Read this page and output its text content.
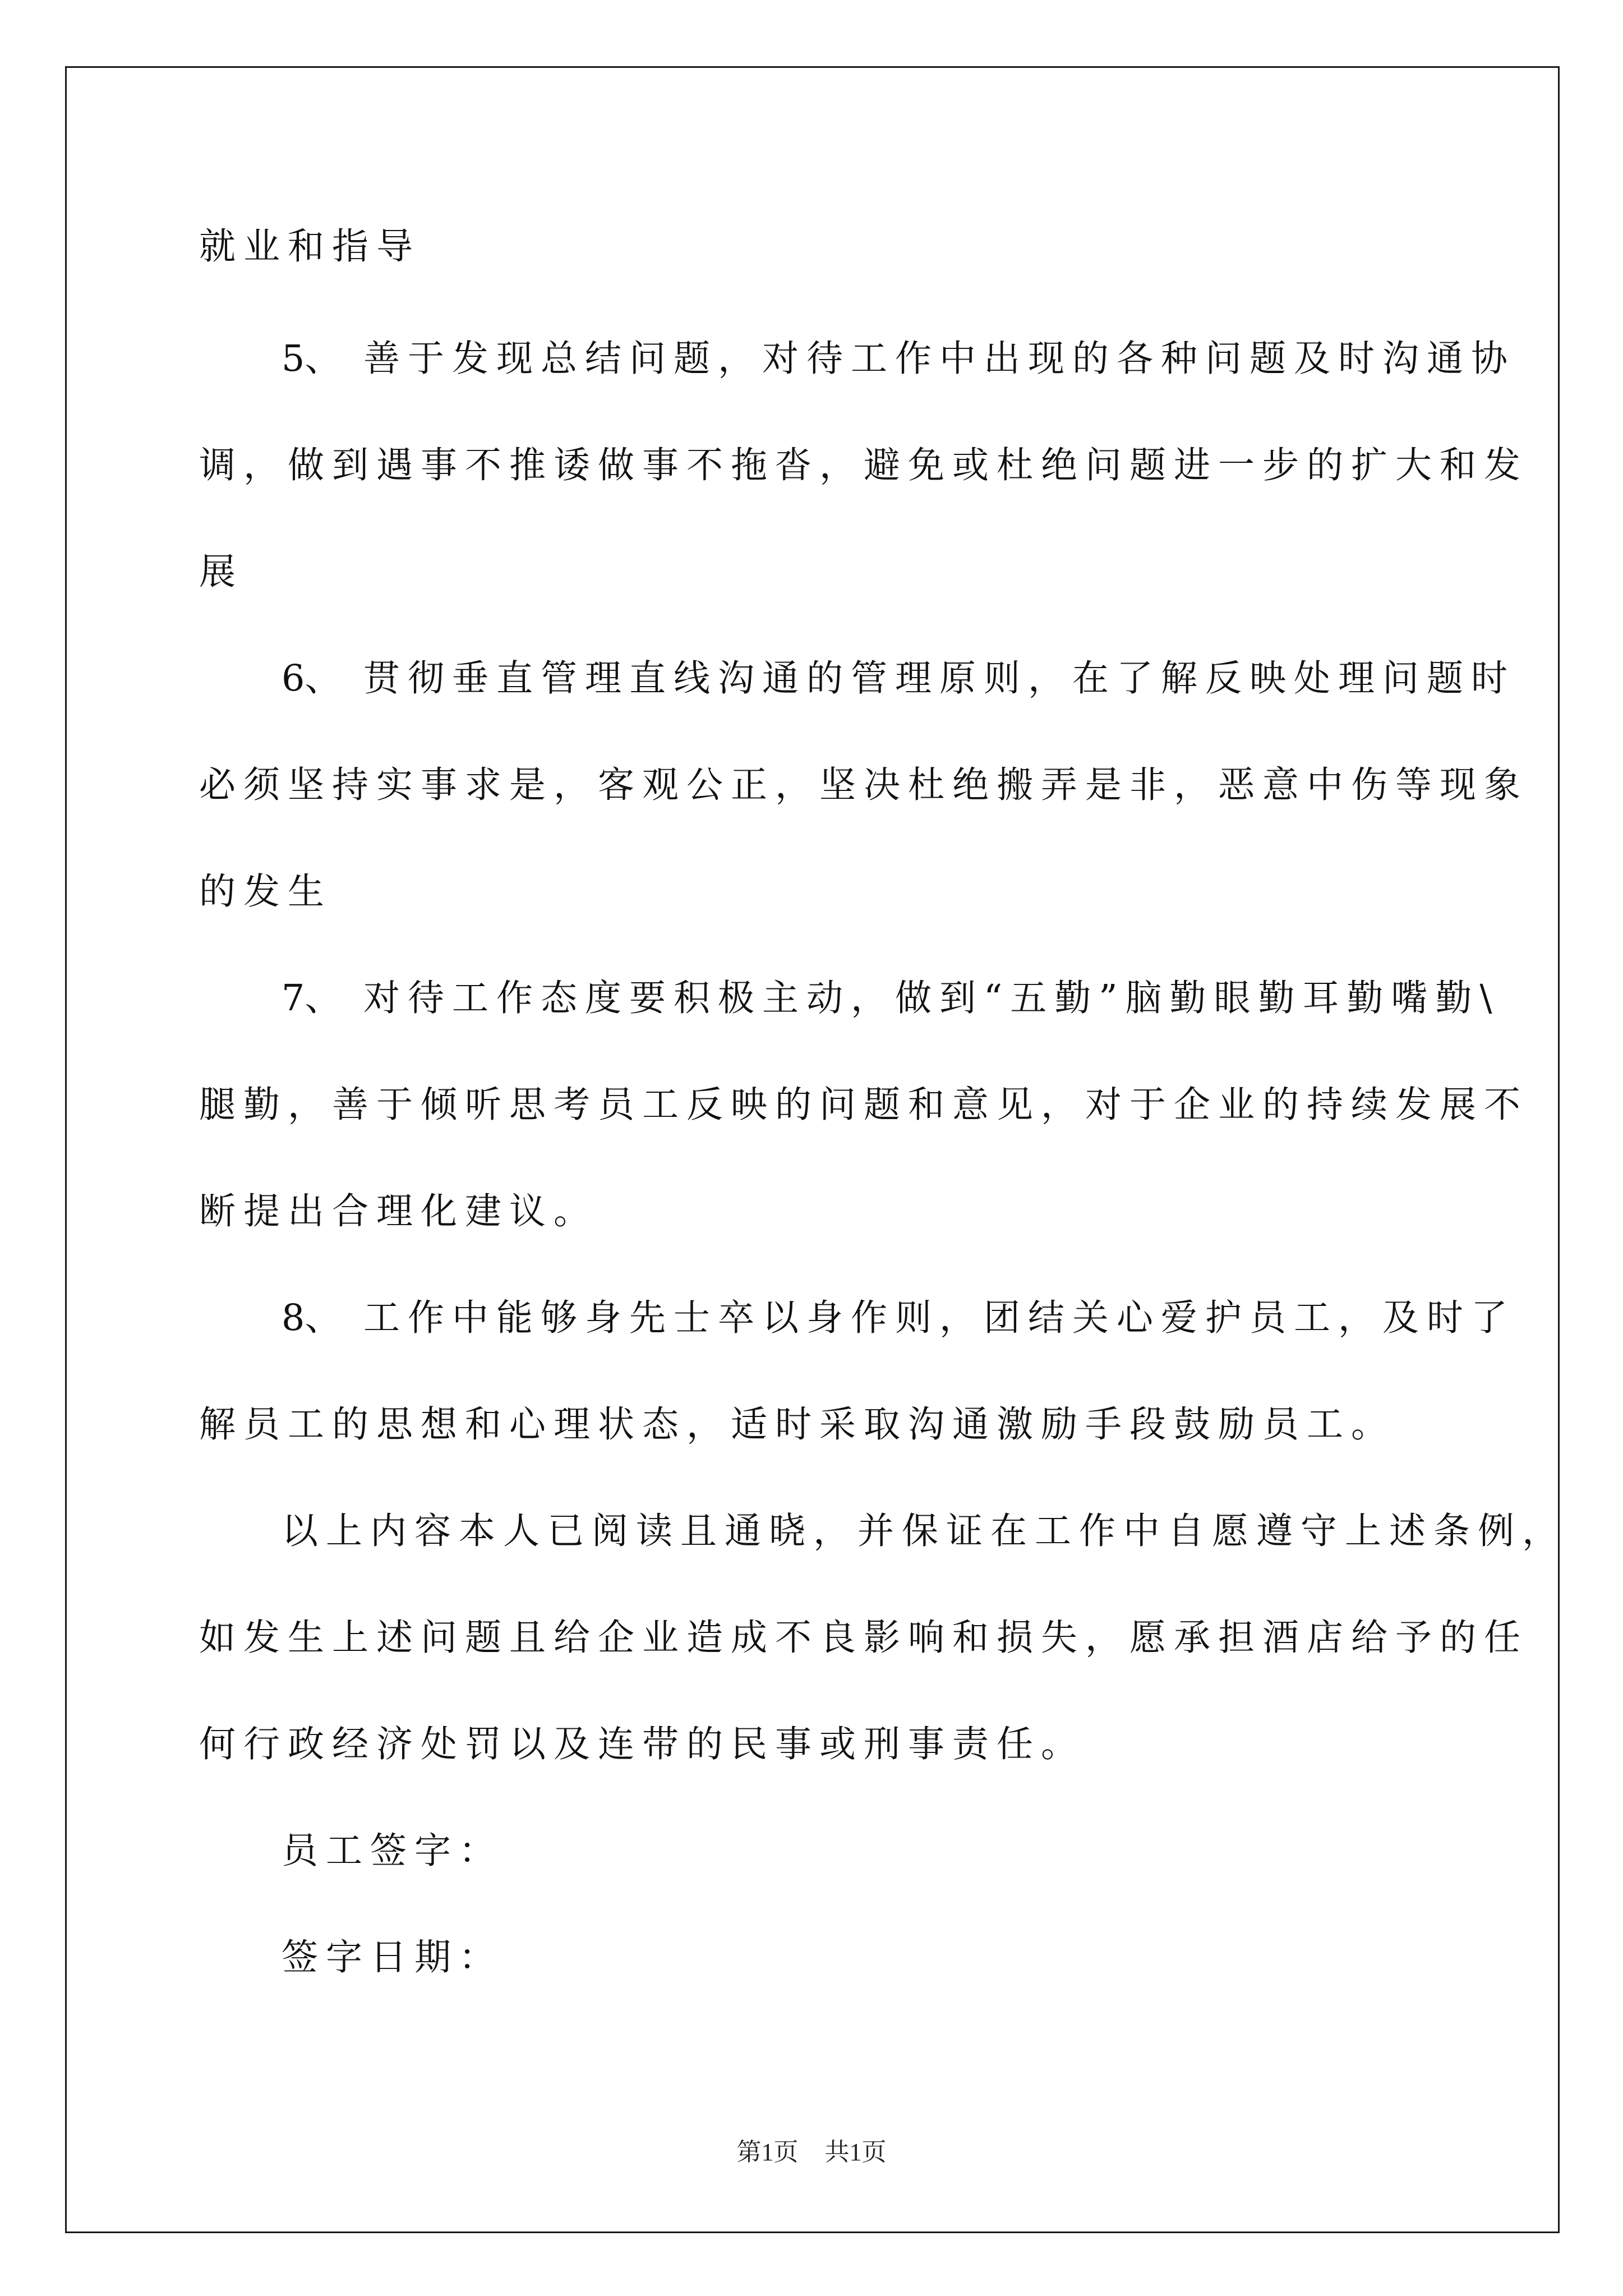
就业和指导
5、 善于发现总结问题，对待工作中出现的各种问题及时沟通协
调，做到遇事不推诿做事不拖沓，避免或杜绝问题进一步的扩大和发
展
6、 贯彻垂直管理直线沟通的管理原则，在了解反映处理问题时
必须坚持实事求是，客观公正，坚决杜绝搬弄是非，恶意中伤等现象
的发生
7、 对待工作态度要积极主动，做到“五勤”脑勤眼勤耳勤嘴勤\
腿勤，善于倾听思考员工反映的问题和意见，对于企业的持续发展不
断提出合理化建议。
8、 工作中能够身先士卒以身作则，团结关心爱护员工，及时了
解员工的思想和心理状态，适时采取沟通激励手段鼓励员工。
以上内容本人已阅读且通晓，并保证在工作中自愿遵守上述条例，
如发生上述问题且给企业造成不良影响和损失，愿承担酒店给予的任
何行政经济处罚以及连带的民事或刑事责任。
员工签字：
签字日期：
第1页 共1页
